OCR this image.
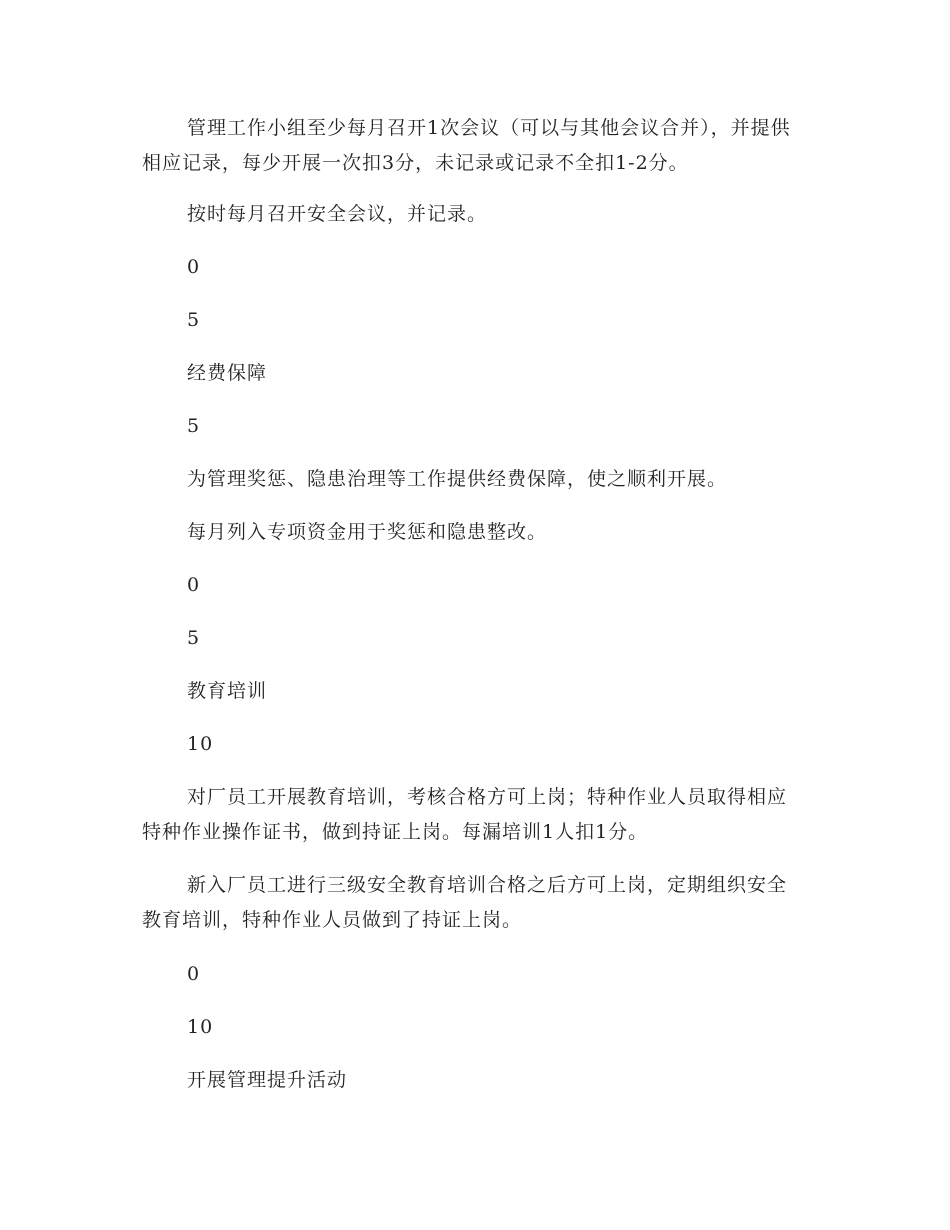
管理工作小组至少每月召开1次会议（可以与其他会议合并），并提供相应记录，每少开展一次扣3分，未记录或记录不全扣1-2分。

按时每月召开安全会议，并记录。

0

5

经费保障

5

为管理奖惩、隐患治理等工作提供经费保障，使之顺利开展。

每月列入专项资金用于奖惩和隐患整改。

0

5

教育培训

10

对厂员工开展教育培训，考核合格方可上岗；特种作业人员取得相应特种作业操作证书，做到持证上岗。每漏培训1人扣1分。

新入厂员工进行三级安全教育培训合格之后方可上岗，定期组织安全教育培训，特种作业人员做到了持证上岗。

0

10

开展管理提升活动
